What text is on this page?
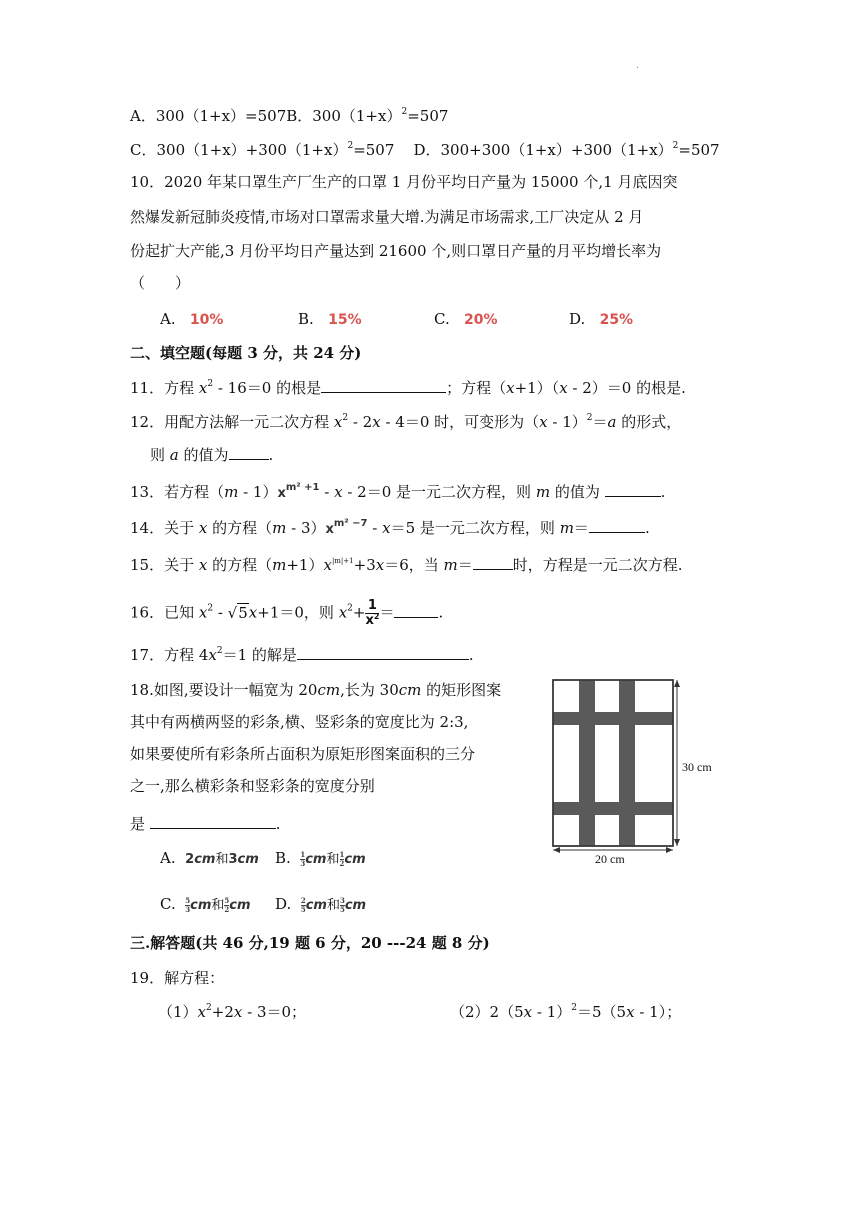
.
A．300（1+x）=507B．$300(1+x)^2=507$
C．$300(1+x)+300(1+x)^2=507$ D．$300+300(1+x)+300(1+x)^2=507$
10．2020 年某口罩生产厂生产的口罩 1 月份平均日产量为 15000 个,1 月底因突
然爆发新冠肺炎疫情,市场对口罩需求量大增.为满足市场需求,工厂决定从 2 月
份起扩大产能,3 月份平均日产量达到 21600 个,则口罩日产量的月平均增长率为
（　　）
A. 10%	B. 15%	C. 20%	D. 25%
二、填空题(每题 3 分，共 24 分)
11．方程 $x^2 - 16=0$ 的根是	；方程（x+1）（x - 2）＝0 的根是.
12．用配方法解一元二次方程 $x^2 - 2x - 4=0$ 时，可变形为（x - 1）$^2$＝a 的形式，
则 a 的值为	.
13．若方程$(m - 1)x^{m^2 +1} - x - 2=0$ 是一元二次方程，则 m 的值为	.
14．关于 x 的方程$(m - 3)x^{m^2 -7} - x=5$ 是一元二次方程，则 m＝	.
15．关于 x 的方程$(m+1)x^{|m|+1}+3x=6$，当 m＝	时，方程是一元二次方程.
16．已知 $x^2 - √5x+1=0$，则 $x^2+ \frac{1}{x^2}$ ＝	.
17．方程 $4x^2=1$ 的解是	.
18.如图,要设计一幅宽为 20cm,长为 30cm 的矩形图案
其中有两横两竖的彩条,横、竖彩条的宽度比为 2:3,
如果要使所有彩条所占面积为原矩形图案面积的三分
之一,那么横彩条和竖彩条的宽度分别
是	.
A. 2cm和3cm B. $\frac{1}{3}$ cm和 $\frac{1}{2}$ cm
C. $\frac{5}{3}$ cm和 $\frac{5}{2}$ cm D. $\frac{2}{5}$ cm和 $\frac{3}{5}$ cm
30 cm
20 cm
三.解答题(共 46 分,19 题 6 分，20 ---24 题 8 分)
19．解方程：
$(1)x^2+2x - 3=0$；	（2）2（5x - 1）$^2$＝5（5x - 1）；
